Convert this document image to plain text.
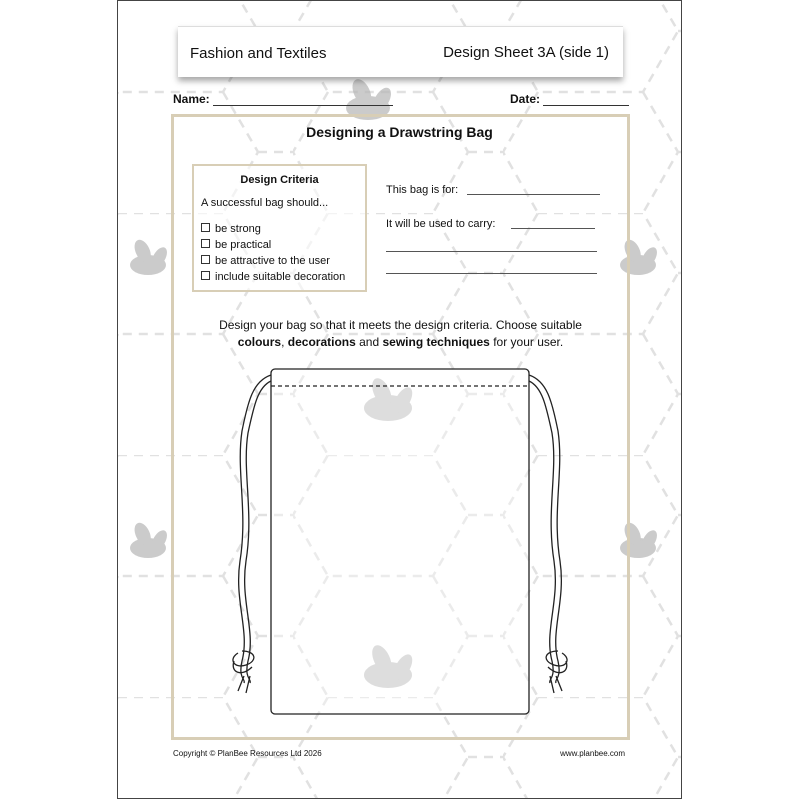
Fashion and Textiles	Design Sheet 3A (side 1)
Name:	Date:
Designing a Drawstring Bag
Design Criteria
A successful bag should...
be strong
be practical
be attractive to the user
include suitable decoration
This bag is for:
It will be used to carry:
Design your bag so that it meets the design criteria. Choose suitable
colours, decorations and sewing techniques for your user.
Copyright © PlanBee Resources Ltd 2026	www.planbee.com
